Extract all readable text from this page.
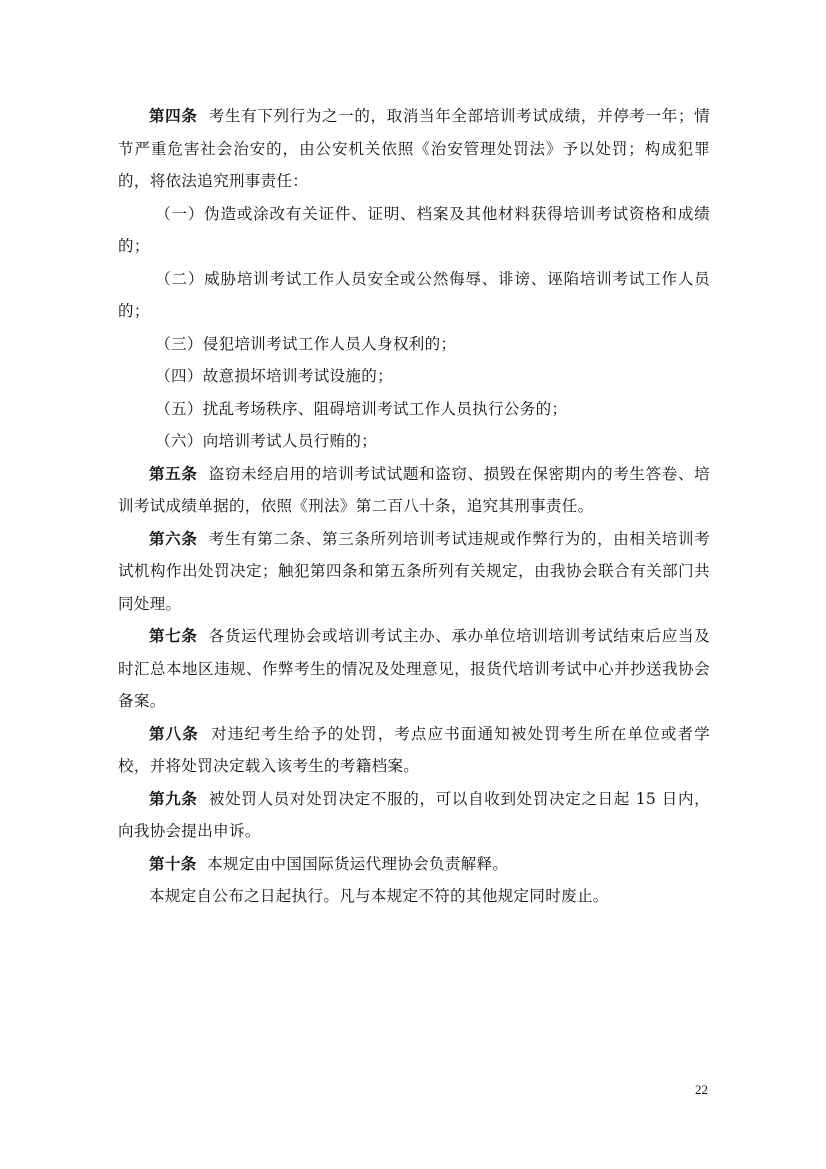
第四条 考生有下列行为之一的，取消当年全部培训考试成绩，并停考一年；情节严重危害社会治安的，由公安机关依照《治安管理处罚法》予以处罚；构成犯罪的，将依法追究刑事责任：

（一）伪造或涂改有关证件、证明、档案及其他材料获得培训考试资格和成绩的；

（二）威胁培训考试工作人员安全或公然侮辱、诽谤、诬陷培训考试工作人员的；

（三）侵犯培训考试工作人员人身权利的；

（四）故意损坏培训考试设施的；

（五）扰乱考场秩序、阻碍培训考试工作人员执行公务的；

（六）向培训考试人员行贿的；

第五条 盗窃未经启用的培训考试试题和盗窃、损毁在保密期内的考生答卷、培训考试成绩单据的，依照《刑法》第二百八十条，追究其刑事责任。

第六条 考生有第二条、第三条所列培训考试违规或作弊行为的，由相关培训考试机构作出处罚决定；触犯第四条和第五条所列有关规定，由我协会联合有关部门共同处理。

第七条 各货运代理协会或培训考试主办、承办单位培训培训考试结束后应当及时汇总本地区违规、作弊考生的情况及处理意见，报货代培训考试中心并抄送我协会备案。

第八条 对违纪考生给予的处罚，考点应书面通知被处罚考生所在单位或者学校，并将处罚决定载入该考生的考籍档案。

第九条 被处罚人员对处罚决定不服的，可以自收到处罚决定之日起 15 日内，向我协会提出申诉。

第十条 本规定由中国国际货运代理协会负责解释。

本规定自公布之日起执行。凡与本规定不符的其他规定同时废止。

22
